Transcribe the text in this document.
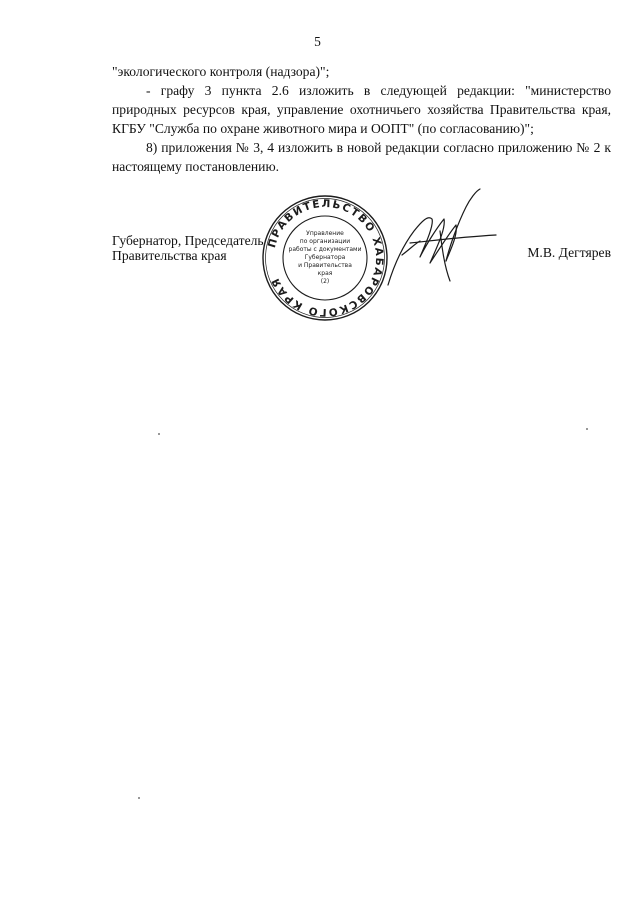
5

"экологического контроля (надзора)";

- графу 3 пункта 2.6 изложить в следующей редакции: "министерство природных ресурсов края, управление охотничьего хозяйства Правительства края, КГБУ "Служба по охране животного мира и ООПТ" (по согласованию)";

8) приложения № 3, 4 изложить в новой редакции согласно приложению № 2 к настоящему постановлению.

Губернатор, Председатель
Правительства края
ПРАВИТЕЛЬСТВО ХАБАРОВСКОГО КРАЯ
Управление
по организации
работы с документами
Губернатора
и Правительства
края
(2)
М.В. Дегтярев
